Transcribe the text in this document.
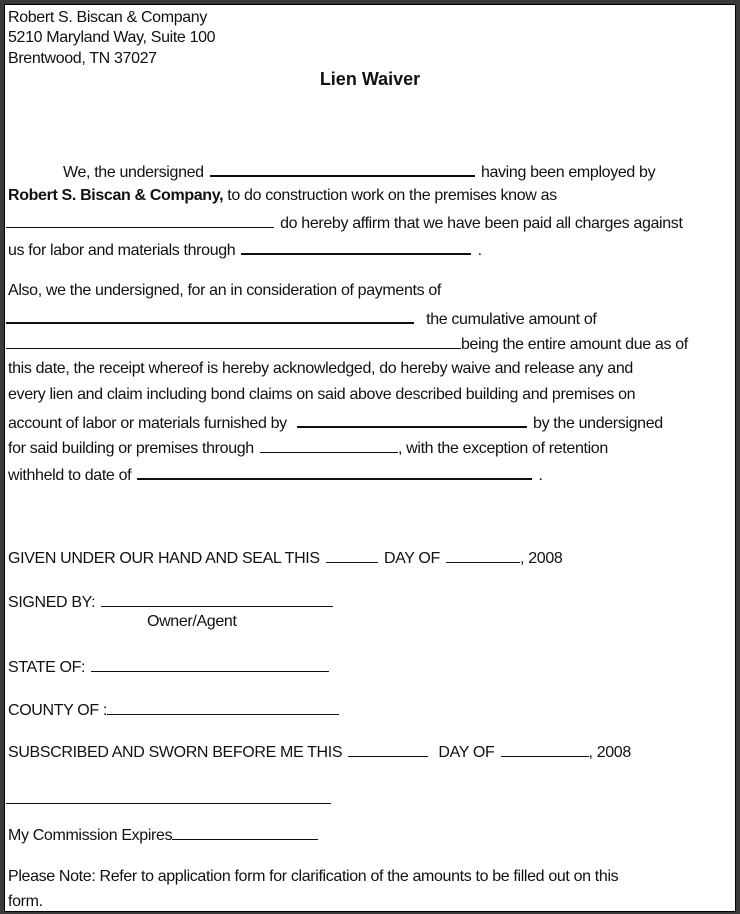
Robert S. Biscan & Company
5210 Maryland Way, Suite 100
Brentwood, TN 37027
Lien Waiver
We, the undersigned	having been employed by
Robert S. Biscan & Company, to do construction work on the premises know as
do hereby affirm that we have been paid all charges against
us for labor and materials through	.
Also, we the undersigned, for an in consideration of payments of
the cumulative amount of
being the entire amount due as of
this date, the receipt whereof is hereby acknowledged, do hereby waive and release any and
every lien and claim including bond claims on said above described building and premises on
account of labor or materials furnished by	by the undersigned
for said building or premises through	, with the exception of retention
withheld to date of	.
GIVEN UNDER OUR HAND AND SEAL THIS	DAY OF	, 2008
SIGNED BY:
Owner/Agent
STATE OF:
COUNTY OF :
SUBSCRIBED AND SWORN BEFORE ME THIS	DAY OF	, 2008
My Commission Expires
Please Note: Refer to application form for clarification of the amounts to be filled out on this
form.
